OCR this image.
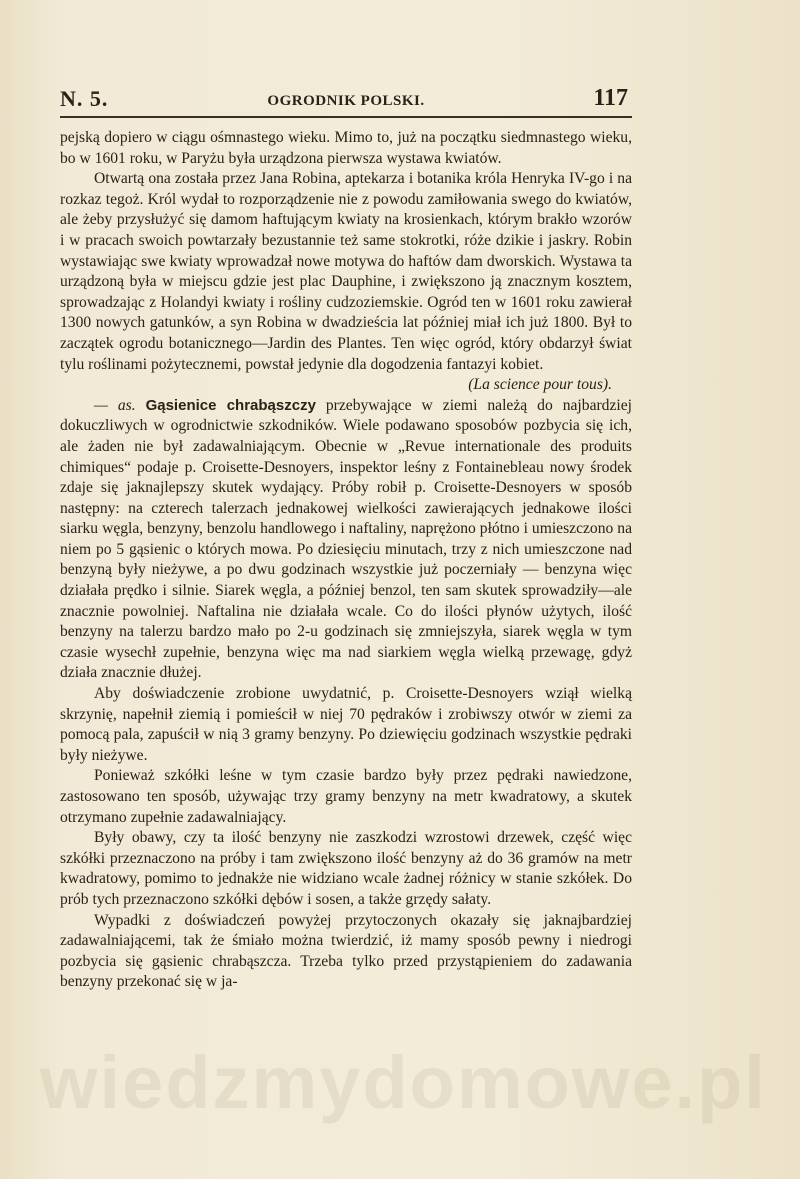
N. 5.	OGRODNIK POLSKI.	117

pejską dopiero w ciągu ośmnastego wieku. Mimo to, już na początku siedmnastego wieku, bo w 1601 roku, w Paryżu była urządzona pierwsza wystawa kwiatów.

Otwartą ona została przez Jana Robina, aptekarza i botanika króla Henryka IV-go i na rozkaz tegoż. Król wydał to rozporządzenie nie z powodu zamiłowania swego do kwiatów, ale żeby przysłużyć się damom haftującym kwiaty na krosienkach, którym brakło wzorów i w pracach swoich powtarzały bezustannie też same stokrotki, róże dzikie i jaskry. Robin wystawiając swe kwiaty wprowadzał nowe motywa do haftów dam dworskich. Wystawa ta urządzoną była w miejscu gdzie jest plac Dauphine, i zwiększono ją znacznym kosztem, sprowadzając z Holandyi kwiaty i rośliny cudzoziemskie. Ogród ten w 1601 roku zawierał 1300 nowych gatunków, a syn Robina w dwadzieścia lat później miał ich już 1800. Był to zaczątek ogrodu botanicznego—Jardin des Plantes. Ten więc ogród, który obdarzył świat tylu roślinami pożytecznemi, powstał jedynie dla dogodzenia fantazyi kobiet.

(La science pour tous).

— as. Gąsienice chrabąszczy przebywające w ziemi należą do najbardziej dokuczliwych w ogrodnictwie szkodników. Wiele podawano sposobów pozbycia się ich, ale żaden nie był zadawalniającym. Obecnie w „Revue internationale des produits chimiques“ podaje p. Croisette-Desnoyers, inspektor leśny z Fontainebleau nowy środek zdaje się jaknajlepszy skutek wydający. Próby robił p. Croisette-Desnoyers w sposób następny: na czterech talerzach jednakowej wielkości zawierających jednakowe ilości siarku węgla, benzyny, benzolu handlowego i naftaliny, naprężono płótno i umieszczono na niem po 5 gąsienic o których mowa. Po dziesięciu minutach, trzy z nich umieszczone nad benzyną były nieżywe, a po dwu godzinach wszystkie już poczerniały — benzyna więc działała prędko i silnie. Siarek węgla, a później benzol, ten sam skutek sprowadziły—ale znacznie powolniej. Naftalina nie działała wcale. Co do ilości płynów użytych, ilość benzyny na talerzu bardzo mało po 2-u godzinach się zmniejszyła, siarek węgla w tym czasie wysechł zupełnie, benzyna więc ma nad siarkiem węgla wielką przewagę, gdyż działa znacznie dłużej.

Aby doświadczenie zrobione uwydatnić, p. Croisette-Desnoyers wziął wielką skrzynię, napełnił ziemią i pomieścił w niej 70 pędraków i zrobiwszy otwór w ziemi za pomocą pala, zapuścił w nią 3 gramy benzyny. Po dziewięciu godzinach wszystkie pędraki były nieżywe.

Ponieważ szkółki leśne w tym czasie bardzo były przez pędraki nawiedzone, zastosowano ten sposób, używając trzy gramy benzyny na metr kwadratowy, a skutek otrzymano zupełnie zadawalniający.

Były obawy, czy ta ilość benzyny nie zaszkodzi wzrostowi drzewek, część więc szkółki przeznaczono na próby i tam zwiększono ilość benzyny aż do 36 gramów na metr kwadratowy, pomimo to jednakże nie widziano wcale żadnej różnicy w stanie szkółek. Do prób tych przeznaczono szkółki dębów i sosen, a także grzędy sałaty.

Wypadki z doświadczeń powyżej przytoczonych okazały się jaknajbardziej zadawalniającemi, tak że śmiało można twierdzić, iż mamy sposób pewny i niedrogi pozbycia się gąsienic chrabąszcza. Trzeba tylko przed przystąpieniem do zadawania benzyny przekonać się w ja-

wiedzmydomowe.pl
